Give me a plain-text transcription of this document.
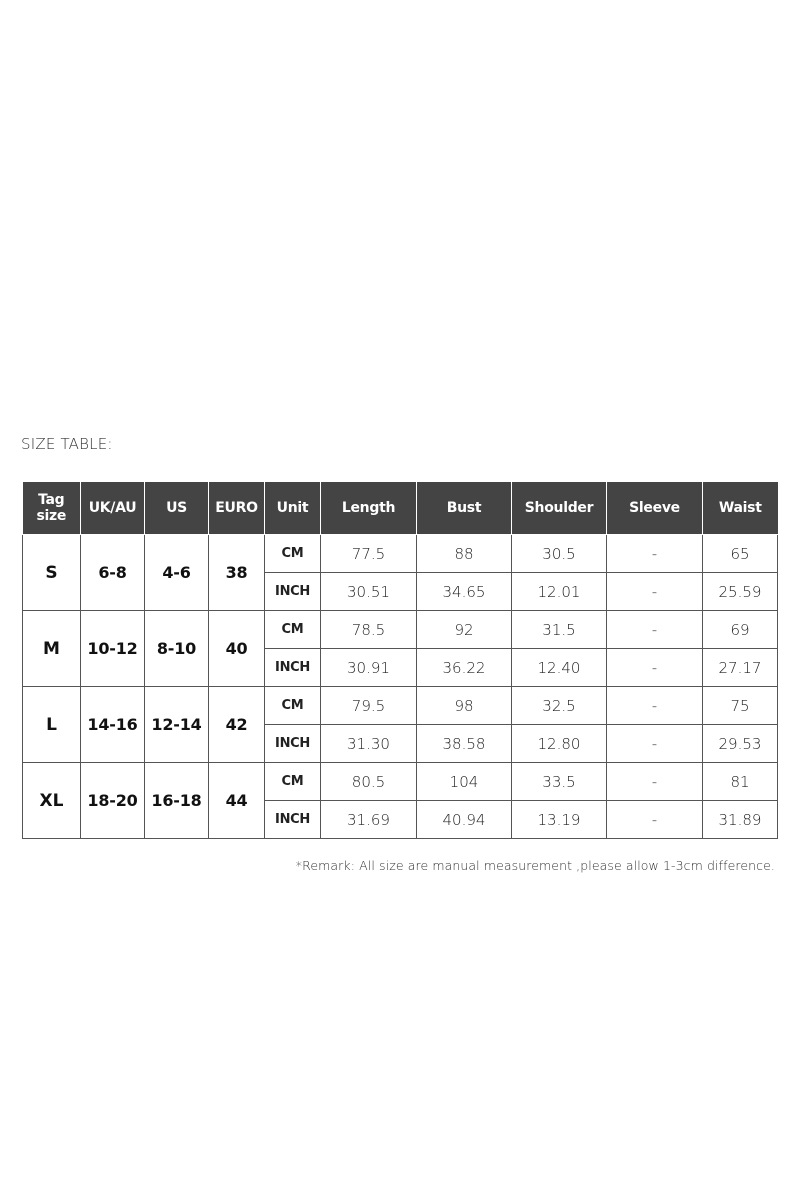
SIZE TABLE:
Tag size	UK/AU	US	EURO	Unit	Length	Bust	Shoulder	Sleeve	Waist
S	6-8	4-6	38	CM	77.5	88	30.5	-	65
				INCH	30.51	34.65	12.01	-	25.59
M	10-12	8-10	40	CM	78.5	92	31.5	-	69
				INCH	30.91	36.22	12.40	-	27.17
L	14-16	12-14	42	CM	79.5	98	32.5	-	75
				INCH	31.30	38.58	12.80	-	29.53
XL	18-20	16-18	44	CM	80.5	104	33.5	-	81
				INCH	31.69	40.94	13.19	-	31.89
*Remark: All size are manual measurement ,please allow 1-3cm difference.
